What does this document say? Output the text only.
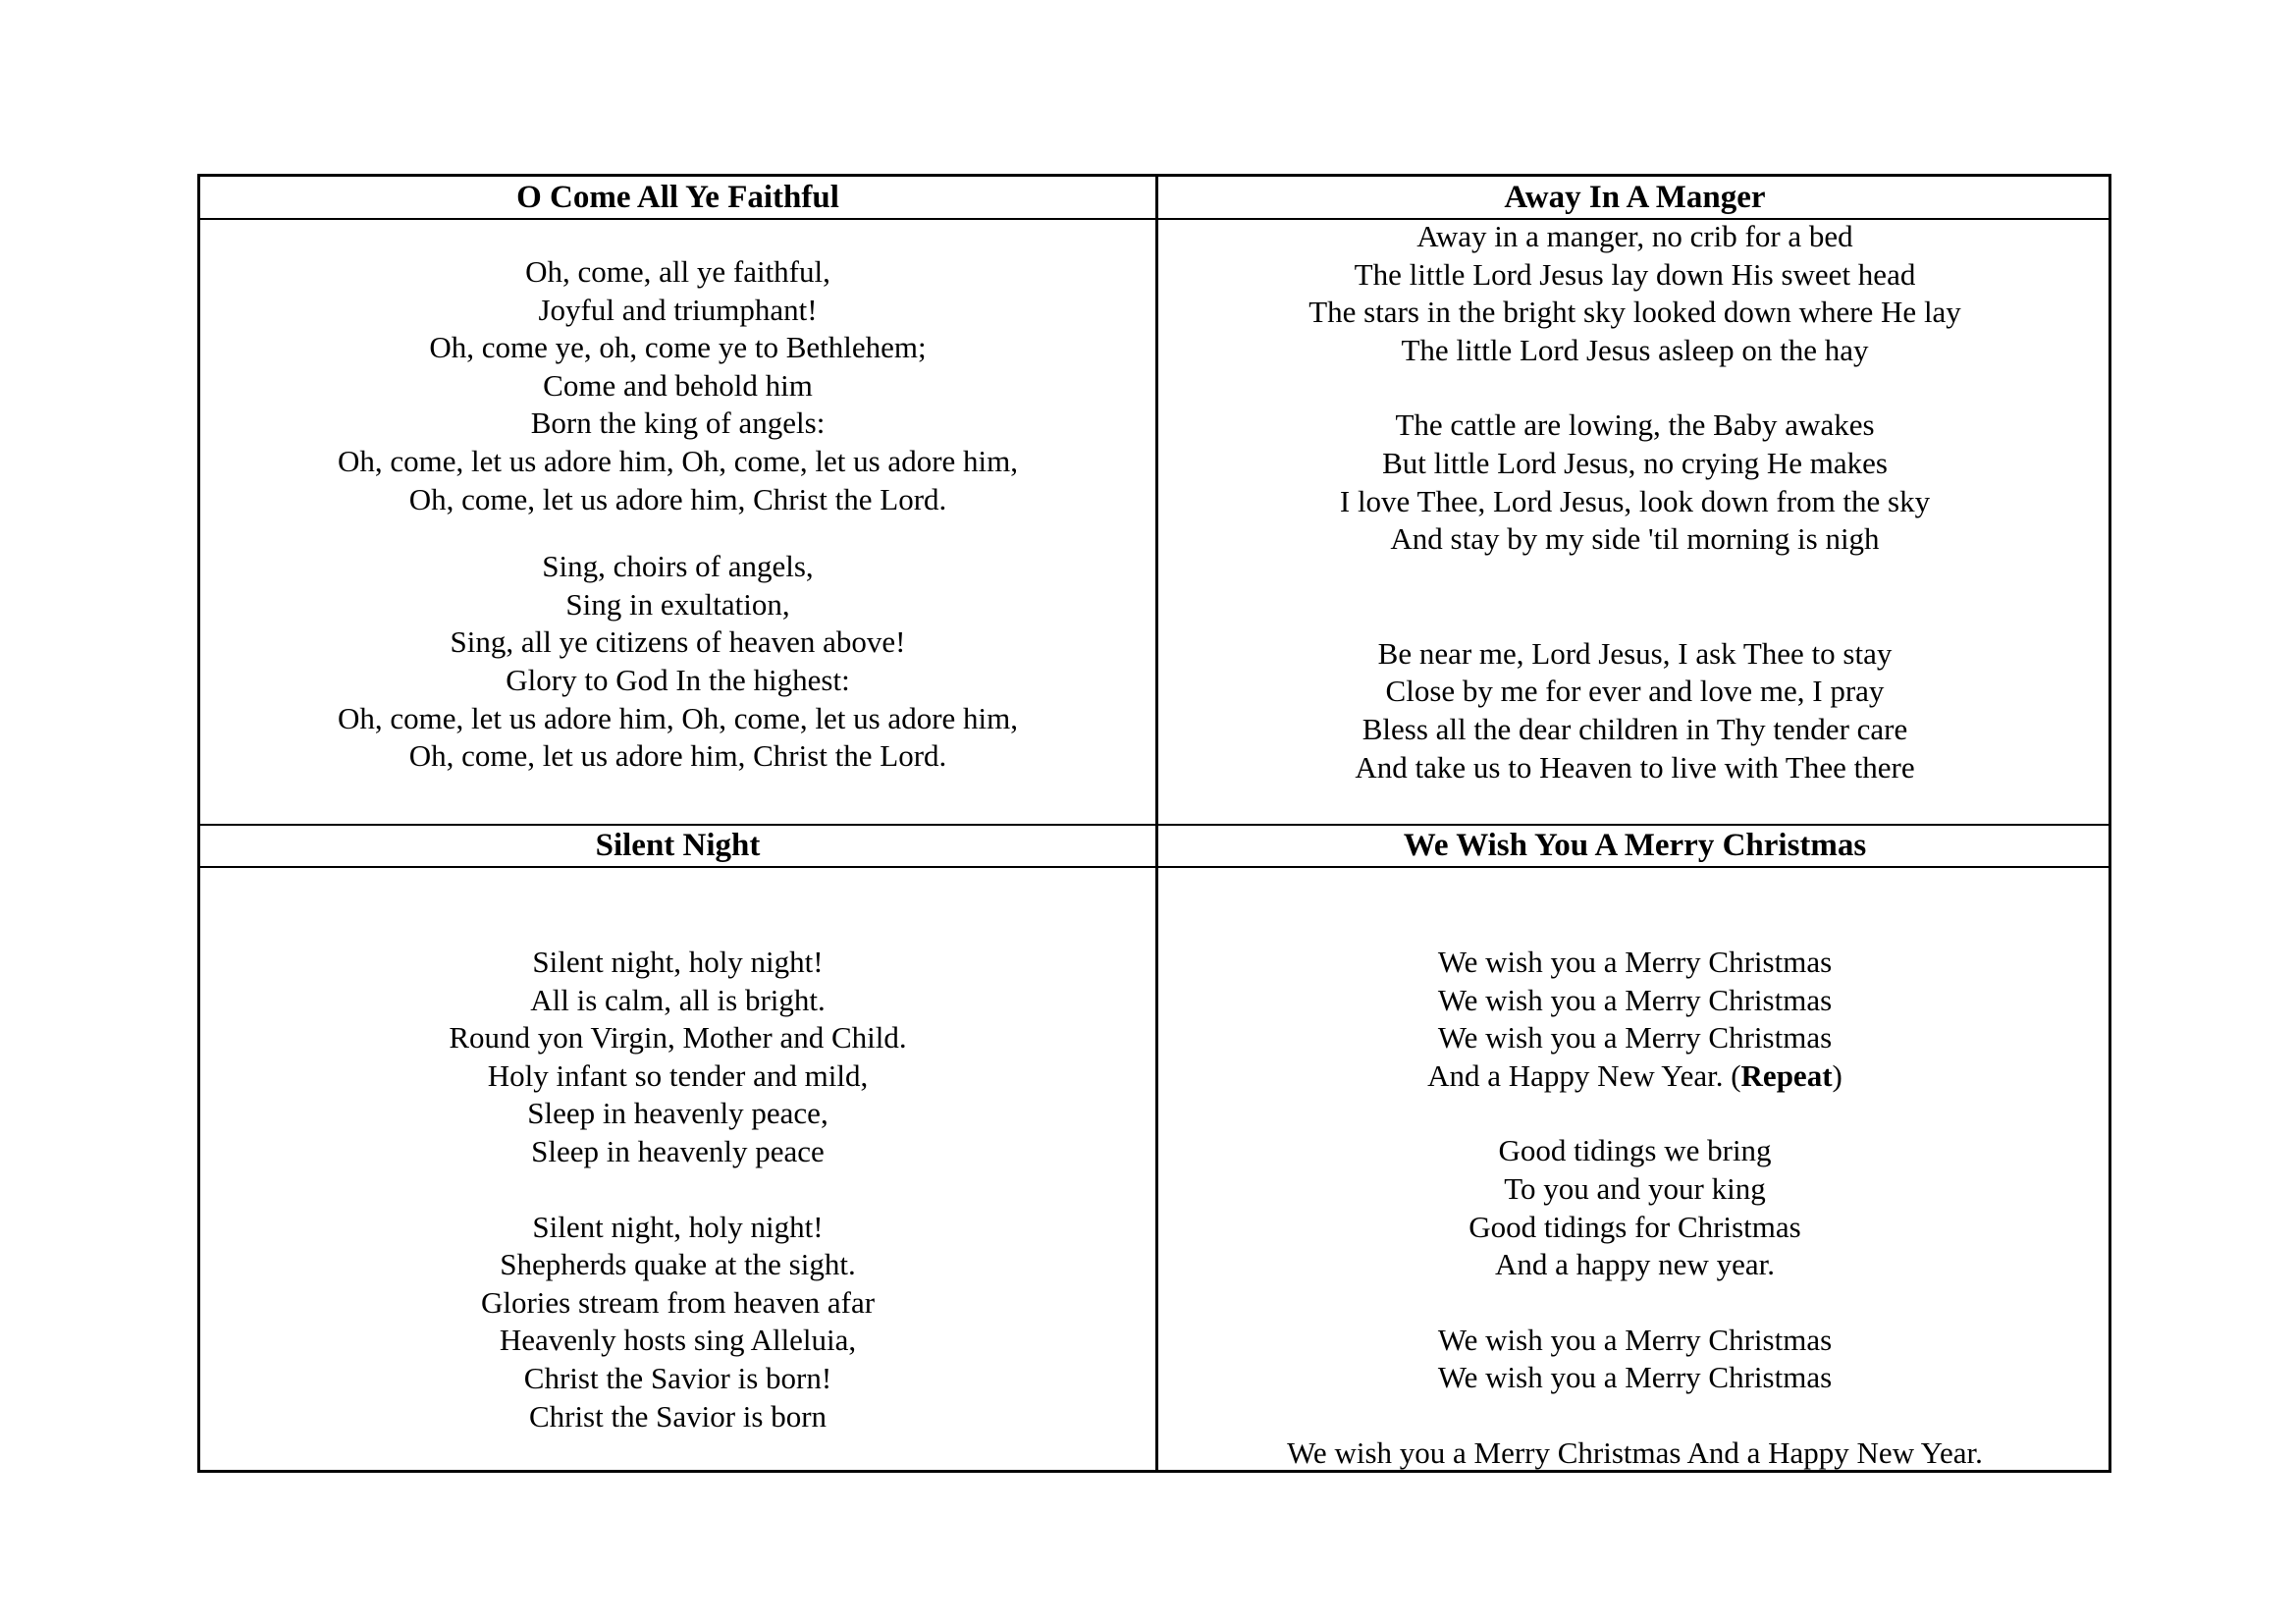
O Come All Ye Faithful
Oh, come, all ye faithful,
Joyful and triumphant!
Oh, come ye, oh, come ye to Bethlehem;
Come and behold him
Born the king of angels:
Oh, come, let us adore him, Oh, come, let us adore him,
Oh, come, let us adore him, Christ the Lord.
Sing, choirs of angels,
Sing in exultation,
Sing, all ye citizens of heaven above!
Glory to God In the highest:
Oh, come, let us adore him, Oh, come, let us adore him,
Oh, come, let us adore him, Christ the Lord.
Away In A Manger
Away in a manger, no crib for a bed
The little Lord Jesus lay down His sweet head
The stars in the bright sky looked down where He lay
The little Lord Jesus asleep on the hay
The cattle are lowing, the Baby awakes
But little Lord Jesus, no crying He makes
I love Thee, Lord Jesus, look down from the sky
And stay by my side 'til morning is nigh
Be near me, Lord Jesus, I ask Thee to stay
Close by me for ever and love me, I pray
Bless all the dear children in Thy tender care
And take us to Heaven to live with Thee there
Silent Night
Silent night, holy night!
All is calm, all is bright.
Round yon Virgin, Mother and Child.
Holy infant so tender and mild,
Sleep in heavenly peace,
Sleep in heavenly peace
Silent night, holy night!
Shepherds quake at the sight.
Glories stream from heaven afar
Heavenly hosts sing Alleluia,
Christ the Savior is born!
Christ the Savior is born
We Wish You A Merry Christmas
We wish you a Merry Christmas
We wish you a Merry Christmas
We wish you a Merry Christmas
And a Happy New Year. (Repeat)
Good tidings we bring
To you and your king
Good tidings for Christmas
And a happy new year.
We wish you a Merry Christmas
We wish you a Merry Christmas
We wish you a Merry Christmas And a Happy New Year.
